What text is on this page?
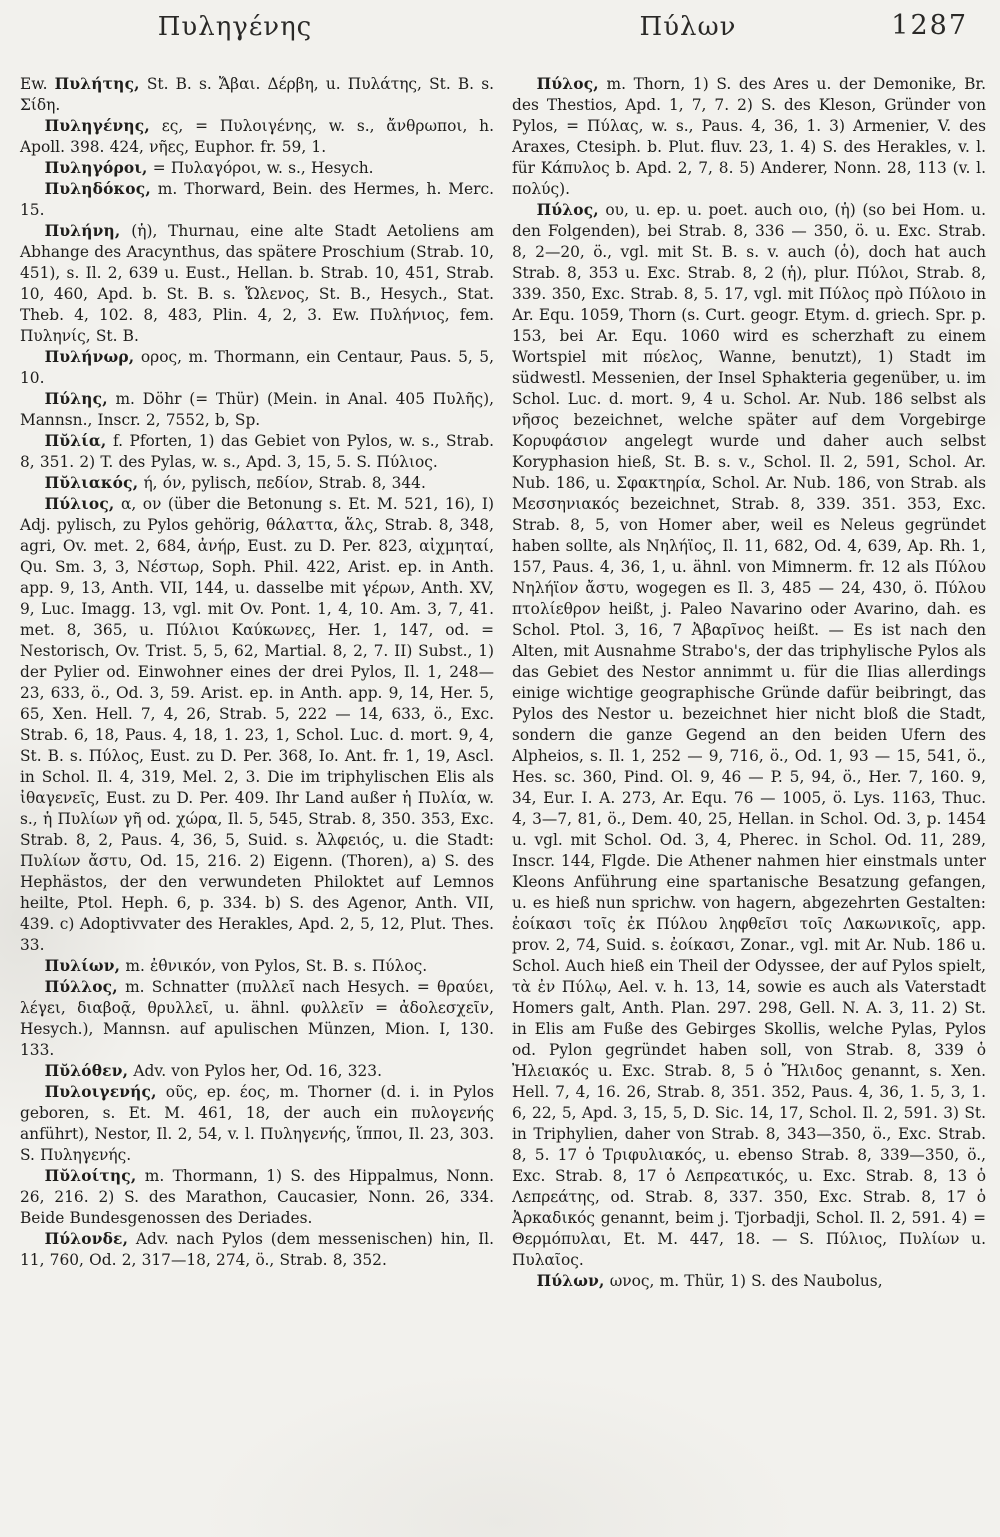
Πυληγένης	Πύλων	1287

Ew. Πυλήτης, St. B. s. Ἄβαι. Δέρβη, u. Πυλάτης, St. B. s. Σίδη.

Πυληγένης, ες, = Πυλοιγένης, w. s., ἄνθρωποι, h. Apoll. 398. 424, νῆες, Euphor. fr. 59, 1.

Πυληγόροι, = Πυλαγόροι, w. s., Hesych.

Πυληδόκος, m. Thorward, Bein. des Hermes, h. Merc. 15.

Πυλήνη, (ἡ), Thurnau, eine alte Stadt Aetoliens am Abhange des Aracynthus, das spätere Proschium (Strab. 10, 451), s. Il. 2, 639 u. Eust., Hellan. b. Strab. 10, 451, Strab. 10, 460, Apd. b. St. B. s. Ὤλενος, St. B., Hesych., Stat. Theb. 4, 102. 8, 483, Plin. 4, 2, 3. Ew. Πυλήνιος, fem. Πυληνίς, St. B.

Πυλήνωρ, ορος, m. Thormann, ein Centaur, Paus. 5, 5, 10.

Πύλης, m. Döhr (= Thür) (Mein. in Anal. 405 Πυλῆς), Mannsn., Inscr. 2, 7552, b, Sp.

Πῠλία, f. Pforten, 1) das Gebiet von Pylos, w. s., Strab. 8, 351. 2) T. des Pylas, w. s., Apd. 3, 15, 5. S. Πύλιος.

Πῠλιακός, ή, όν, pylisch, πεδίον, Strab. 8, 344.

Πύλιος, α, ον (über die Betonung s. Et. M. 521, 16), I) Adj. pylisch, zu Pylos gehörig, θάλαττα, ἅλς, Strab. 8, 348, agri, Ov. met. 2, 684, ἀνήρ, Eust. zu D. Per. 823, αἰχμηταί, Qu. Sm. 3, 3, Νέστωρ, Soph. Phil. 422, Arist. ep. in Anth. app. 9, 13, Anth. VII, 144, u. dasselbe mit γέρων, Anth. XV, 9, Luc. Imagg. 13, vgl. mit Ov. Pont. 1, 4, 10. Am. 3, 7, 41. met. 8, 365, u. Πύλιοι Καύκωνες, Her. 1, 147, od. = Nestorisch, Ov. Trist. 5, 5, 62, Martial. 8, 2, 7. II) Subst., 1) der Pylier od. Einwohner eines der drei Pylos, Il. 1, 248—23, 633, ö., Od. 3, 59. Arist. ep. in Anth. app. 9, 14, Her. 5, 65, Xen. Hell. 7, 4, 26, Strab. 5, 222 — 14, 633, ö., Exc. Strab. 6, 18, Paus. 4, 18, 1. 23, 1, Schol. Luc. d. mort. 9, 4, St. B. s. Πύλος, Eust. zu D. Per. 368, Io. Ant. fr. 1, 19, Ascl. in Schol. Il. 4, 319, Mel. 2, 3. Die im triphylischen Elis als ἰθαγενεῖς, Eust. zu D. Per. 409. Ihr Land außer ἡ Πυλία, w. s., ἡ Πυλίων γῆ od. χώρα, Il. 5, 545, Strab. 8, 350. 353, Exc. Strab. 8, 2, Paus. 4, 36, 5, Suid. s. Ἀλφειός, u. die Stadt: Πυλίων ἄστυ, Od. 15, 216. 2) Eigenn. (Thoren), a) S. des Hephästos, der den verwundeten Philoktet auf Lemnos heilte, Ptol. Heph. 6, p. 334. b) S. des Agenor, Anth. VII, 439. c) Adoptivvater des Herakles, Apd. 2, 5, 12, Plut. Thes. 33.

Πυλίων, m. ἐθνικόν, von Pylos, St. B. s. Πύλος.

Πύλλος, m. Schnatter (πυλλεῖ nach Hesych. = θραύει, λέγει, διαβοᾷ, θρυλλεῖ, u. ähnl. φυλλεῖν = ἀδολεσχεῖν, Hesych.), Mannsn. auf apulischen Münzen, Mion. I, 130. 133.

Πῠλόθεν, Adv. von Pylos her, Od. 16, 323.

Πυλοιγενής, οῦς, ep. έος, m. Thorner (d. i. in Pylos geboren, s. Et. M. 461, 18, der auch ein πυλογενής anführt), Nestor, Il. 2, 54, v. l. Πυληγενής, ἵπποι, Il. 23, 303. S. Πυληγενής.

Πῠλοίτης, m. Thormann, 1) S. des Hippalmus, Nonn. 26, 216. 2) S. des Marathon, Caucasier, Nonn. 26, 334. Beide Bundesgenossen des Deriades.

Πύλονδε, Adv. nach Pylos (dem messenischen) hin, Il. 11, 760, Od. 2, 317—18, 274, ö., Strab. 8, 352.

Πύλος, m. Thorn, 1) S. des Ares u. der Demonike, Br. des Thestios, Apd. 1, 7, 7. 2) S. des Kleson, Gründer von Pylos, = Πύλας, w. s., Paus. 4, 36, 1. 3) Armenier, V. des Araxes, Ctesiph. b. Plut. fluv. 23, 1. 4) S. des Herakles, v. l. für Κάπυλος b. Apd. 2, 7, 8. 5) Anderer, Nonn. 28, 113 (v. l. πολύς).

Πύλος, ου, u. ep. u. poet. auch οιο, (ἡ) (so bei Hom. u. den Folgenden), bei Strab. 8, 336 — 350, ö. u. Exc. Strab. 8, 2—20, ö., vgl. mit St. B. s. v. auch (ὁ), doch hat auch Strab. 8, 353 u. Exc. Strab. 8, 2 (ἡ), plur. Πύλοι, Strab. 8, 339. 350, Exc. Strab. 8, 5. 17, vgl. mit Πύλος πρὸ Πύλοιο in Ar. Equ. 1059, Thorn (s. Curt. geogr. Etym. d. griech. Spr. p. 153, bei Ar. Equ. 1060 wird es scherzhaft zu einem Wortspiel mit πύελος, Wanne, benutzt), 1) Stadt im südwestl. Messenien, der Insel Sphakteria gegenüber, u. im Schol. Luc. d. mort. 9, 4 u. Schol. Ar. Nub. 186 selbst als νῆσος bezeichnet, welche später auf dem Vorgebirge Κορυφάσιον angelegt wurde und daher auch selbst Koryphasion hieß, St. B. s. v., Schol. Il. 2, 591, Schol. Ar. Nub. 186, u. Σφακτηρία, Schol. Ar. Nub. 186, von Strab. als Μεσσηνιακός bezeichnet, Strab. 8, 339. 351. 353, Exc. Strab. 8, 5, von Homer aber, weil es Neleus gegründet haben sollte, als Νηλήϊος, Il. 11, 682, Od. 4, 639, Ap. Rh. 1, 157, Paus. 4, 36, 1, u. ähnl. von Mimnerm. fr. 12 als Πύλου Νηλήϊον ἄστυ, wogegen es Il. 3, 485 — 24, 430, ö. Πύλου πτολίεθρον heißt, j. Paleo Navarino oder Avarino, dah. es Schol. Ptol. 3, 16, 7 Ἀβαρῖνος heißt. — Es ist nach den Alten, mit Ausnahme Strabo's, der das triphylische Pylos als das Gebiet des Nestor annimmt u. für die Ilias allerdings einige wichtige geographische Gründe dafür beibringt, das Pylos des Nestor u. bezeichnet hier nicht bloß die Stadt, sondern die ganze Gegend an den beiden Ufern des Alpheios, s. Il. 1, 252 — 9, 716, ö., Od. 1, 93 — 15, 541, ö., Hes. sc. 360, Pind. Ol. 9, 46 — P. 5, 94, ö., Her. 7, 160. 9, 34, Eur. I. A. 273, Ar. Equ. 76 — 1005, ö. Lys. 1163, Thuc. 4, 3—7, 81, ö., Dem. 40, 25, Hellan. in Schol. Od. 3, p. 1454 u. vgl. mit Schol. Od. 3, 4, Pherec. in Schol. Od. 11, 289, Inscr. 144, Flgde. Die Athener nahmen hier einstmals unter Kleons Anführung eine spartanische Besatzung gefangen, u. es hieß nun sprichw. von hagern, abgezehrten Gestalten: ἐοίκασι τοῖς ἐκ Πύλου ληφθεῖσι τοῖς Λακωνικοῖς, app. prov. 2, 74, Suid. s. ἐοίκασι, Zonar., vgl. mit Ar. Nub. 186 u. Schol. Auch hieß ein Theil der Odyssee, der auf Pylos spielt, τὰ ἐν Πύλῳ, Ael. v. h. 13, 14, sowie es auch als Vaterstadt Homers galt, Anth. Plan. 297. 298, Gell. N. A. 3, 11. 2) St. in Elis am Fuße des Gebirges Skollis, welche Pylas, Pylos od. Pylon gegründet haben soll, von Strab. 8, 339 ὁ Ἠλειακός u. Exc. Strab. 8, 5 ὁ Ἤλιδος genannt, s. Xen. Hell. 7, 4, 16. 26, Strab. 8, 351. 352, Paus. 4, 36, 1. 5, 3, 1. 6, 22, 5, Apd. 3, 15, 5, D. Sic. 14, 17, Schol. Il. 2, 591. 3) St. in Triphylien, daher von Strab. 8, 343—350, ö., Exc. Strab. 8, 5. 17 ὁ Τριφυλιακός, u. ebenso Strab. 8, 339—350, ö., Exc. Strab. 8, 17 ὁ Λεπρεατικός, u. Exc. Strab. 8, 13 ὁ Λεπρεάτης, od. Strab. 8, 337. 350, Exc. Strab. 8, 17 ὁ Ἀρκαδικός genannt, beim j. Tjorbadji, Schol. Il. 2, 591. 4) = Θερμόπυλαι, Et. M. 447, 18. — S. Πύλιος, Πυλίων u. Πυλαῖος.

Πύλων, ωνος, m. Thür, 1) S. des Naubolus,
